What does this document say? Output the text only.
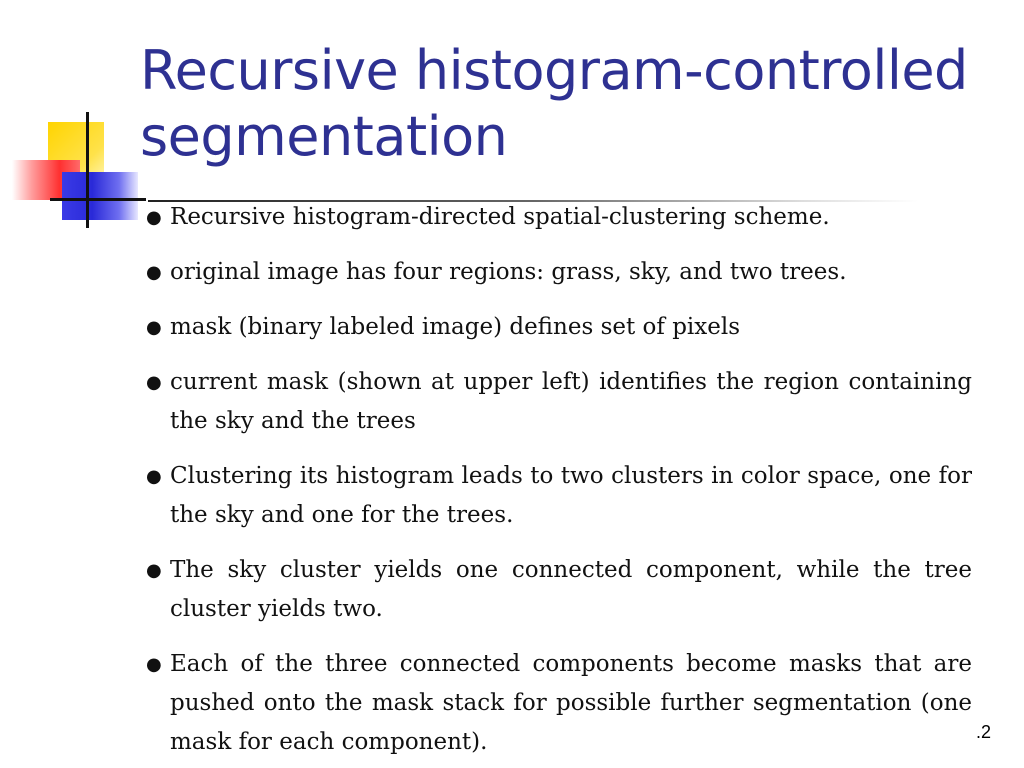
Recursive histogram-controlled segmentation
● Recursive histogram-directed spatial-clustering scheme.
● original image has four regions: grass, sky, and two trees.
● mask (binary labeled image) defines set of pixels
● current mask (shown at upper left) identifies the region containing the sky and the trees
● Clustering its histogram leads to two clusters in color space, one for the sky and one for the trees.
● The sky cluster yields one connected component, while the tree cluster yields two.
● Each of the three connected components become masks that are pushed onto the mask stack for possible further segmentation (one mask for each component).	.2
